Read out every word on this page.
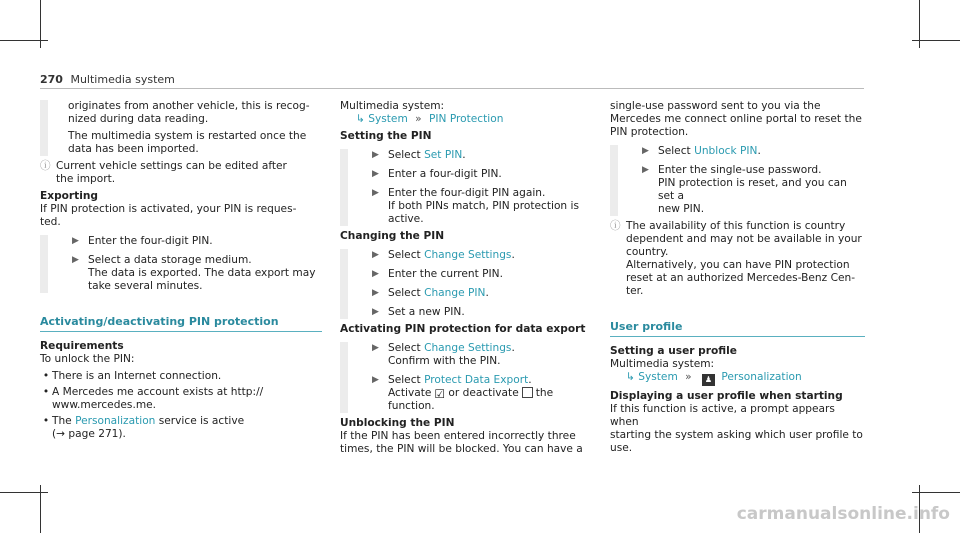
270 Multimedia system
originates from another vehicle, this is recog-
nized during data reading.
The multimedia system is restarted once the
data has been imported.
ⓘ Current vehicle settings can be edited after
the import.
Exporting
If PIN protection is activated, your PIN is reques-
ted.
▶ Enter the four-digit PIN.
▶ Select a data storage medium.
The data is exported. The data export may
take several minutes.
Activating/deactivating PIN protection
Requirements
To unlock the PIN:
• There is an Internet connection.
• A Mercedes me account exists at http://
www.mercedes.me.
• The Personalization service is active
(→ page 271).
Multimedia system:
↳ System » PIN Protection
Setting the PIN
▶ Select Set PIN.
▶ Enter a four-digit PIN.
▶ Enter the four-digit PIN again.
If both PINs match, PIN protection is active.
Changing the PIN
▶ Select Change Settings.
▶ Enter the current PIN.
▶ Select Change PIN.
▶ Set a new PIN.
Activating PIN protection for data export
▶ Select Change Settings.
Confirm with the PIN.
▶ Select Protect Data Export.
Activate ☑ or deactivate the function.
Unblocking the PIN
If the PIN has been entered incorrectly three
times, the PIN will be blocked. You can have a
single-use password sent to you via the
Mercedes me connect online portal to reset the
PIN protection.
▶ Select Unblock PIN.
▶ Enter the single-use password.
PIN protection is reset, and you can set a
new PIN.
ⓘ The availability of this function is country
dependent and may not be available in your
country.
Alternatively, you can have PIN protection
reset at an authorized Mercedes-Benz Cen-
ter.
User profile
Setting a user profile
Multimedia system:
↳ System » ♟ Personalization
Displaying a user profile when starting
If this function is active, a prompt appears when
starting the system asking which user profile to
use.
carmanualsonline.info
